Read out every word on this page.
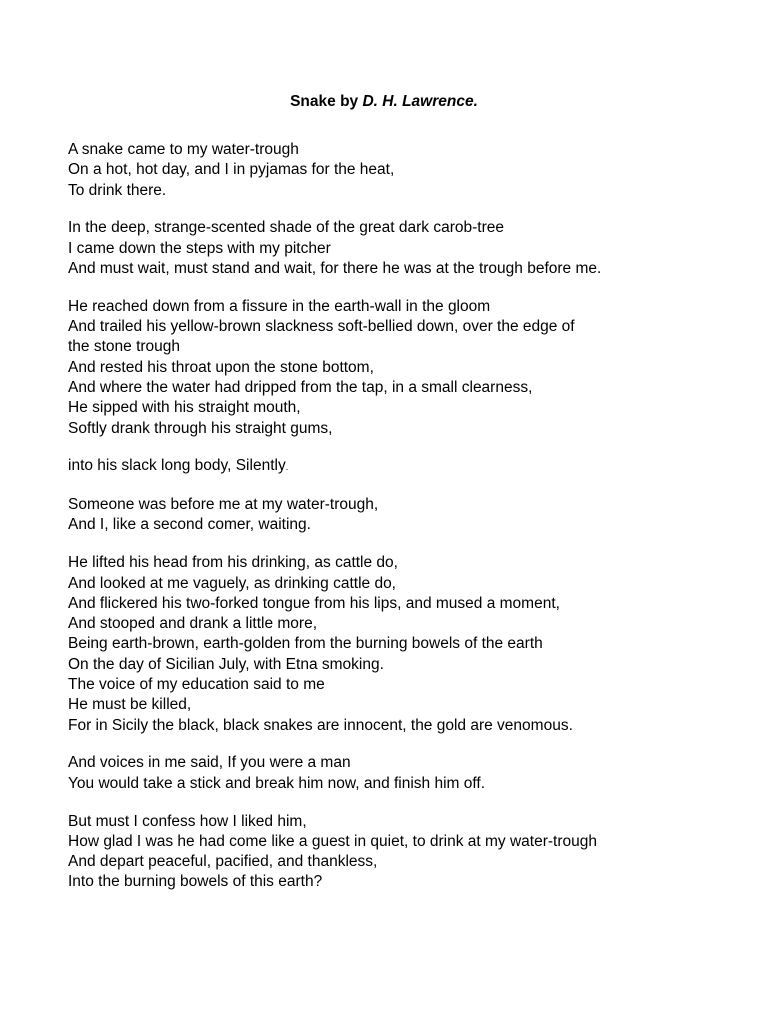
Snake by D. H. Lawrence.
A snake came to my water-trough
On a hot, hot day, and I in pyjamas for the heat,
To drink there.
In the deep, strange-scented shade of the great dark carob-tree
I came down the steps with my pitcher
And must wait, must stand and wait, for there he was at the trough before me.
He reached down from a fissure in the earth-wall in the gloom
And trailed his yellow-brown slackness soft-bellied down, over the edge of
the stone trough
And rested his throat upon the stone bottom,
And where the water had dripped from the tap, in a small clearness,
He sipped with his straight mouth,
Softly drank through his straight gums,
into his slack long body, Silently.
Someone was before me at my water-trough,
And I, like a second comer, waiting.
He lifted his head from his drinking, as cattle do,
And looked at me vaguely, as drinking cattle do,
And flickered his two-forked tongue from his lips, and mused a moment,
And stooped and drank a little more,
Being earth-brown, earth-golden from the burning bowels of the earth
On the day of Sicilian July, with Etna smoking.
The voice of my education said to me
He must be killed,
For in Sicily the black, black snakes are innocent, the gold are venomous.
And voices in me said, If you were a man
You would take a stick and break him now, and finish him off.
But must I confess how I liked him,
How glad I was he had come like a guest in quiet, to drink at my water-trough
And depart peaceful, pacified, and thankless,
Into the burning bowels of this earth?
